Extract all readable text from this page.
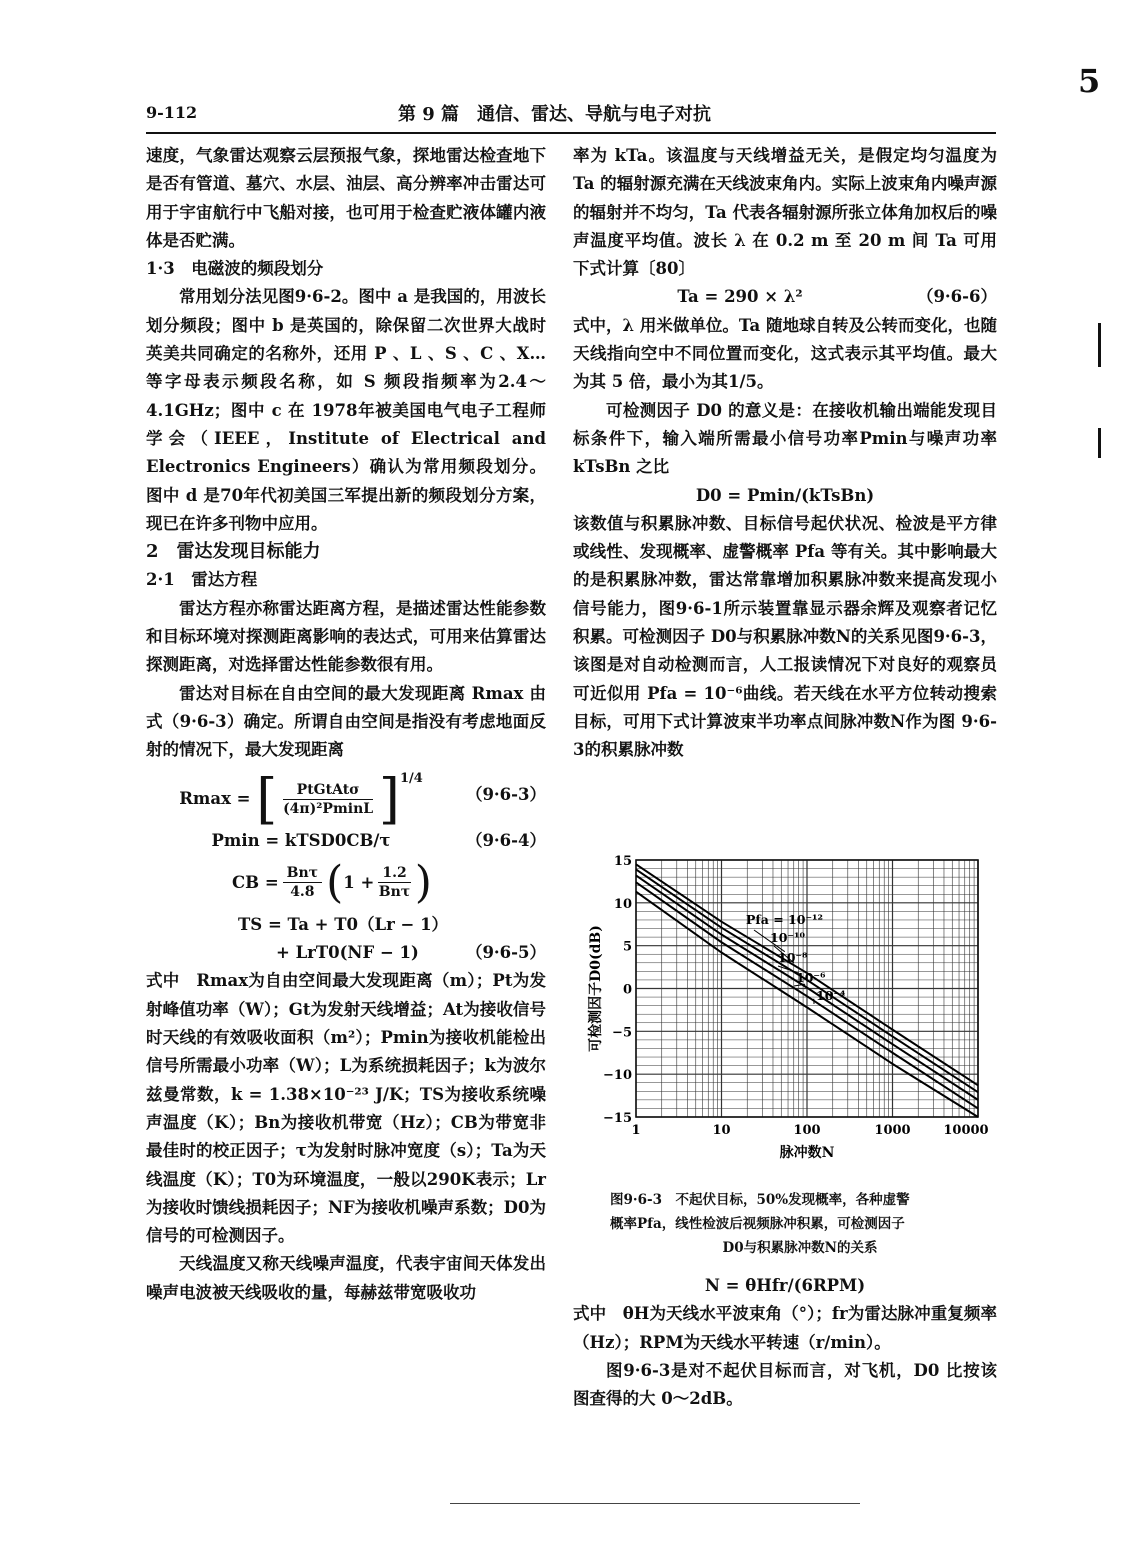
5
9-112	第 9 篇　通信、雷达、导航与电子对抗

速度，气象雷达观察云层预报气象，探地雷达检查地下是否有管道、墓穴、水层、油层、高分辨率冲击雷达可用于宇宙航行中飞船对接，也可用于检查贮液体罐内液体是否贮满。

1·3　电磁波的频段划分

常用划分法见图9·6-2。图中 a 是我国的，用波长划分频段；图中 b 是英国的，除保留二次世界大战时英美共同确定的名称外，还用 P 、L 、S 、C 、X…等字母表示频段名称，如 S 频段指频率为2.4～4.1GHz；图中 c 在 1978年被美国电气电子工程师学会（IEEE，Institute of Electrical and Electronics Engineers）确认为常用频段划分。图中 d 是70年代初美国三军提出新的频段划分方案，现已在许多刊物中应用。

2　雷达发现目标能力

2·1　雷达方程

雷达方程亦称雷达距离方程，是描述雷达性能参数和目标环境对探测距离影响的表达式，可用来估算雷达探测距离，对选择雷达性能参数很有用。

雷达对目标在自由空间的最大发现距离 Rmax 由式（9·6-3）确定。所谓自由空间是指没有考虑地面反射的情况下，最大发现距离

Rmax = [ $\frac{\text{PtGtAtσ}}{\text{(4π)²PminL}} ]^{1/4}$
（9·6-3）
Pmin = kTSD0CB/τ	（9·6-4）
CB = $\frac{\text{Bnτ}}{4.8}$ ( $1 + \frac{1.2}{\text{Bnτ}}$ )
TS = Ta + T0（Lr − 1）
+ LrT0(NF − 1)	（9·6-5）

式中　Rmax为自由空间最大发现距离（m）；Pt为发射峰值功率（W）；Gt为发射天线增益；At为接收信号时天线的有效吸收面积（m²）；Pmin为接收机能检出信号所需最小功率（W）；L为系统损耗因子；k为波尔兹曼常数，k = 1.38×10⁻²³ J/K；TS为接收系统噪声温度（K）；Bn为接收机带宽（Hz）；CB为带宽非最佳时的校正因子；τ为发射时脉冲宽度（s）；Ta为天线温度（K）；T0为环境温度，一般以290K表示；Lr为接收时馈线损耗因子；NF为接收机噪声系数；D0为信号的可检测因子。

天线温度又称天线噪声温度，代表宇宙间天体发出噪声电波被天线吸收的量，每赫兹带宽吸收功

率为 kTa。该温度与天线增益无关，是假定均匀温度为 Ta 的辐射源充满在天线波束角内。实际上波束角内噪声源的辐射并不均匀，Ta 代表各辐射源所张立体角加权后的噪声温度平均值。波长 λ 在 0.2 m 至 20 m 间 Ta 可用下式计算〔80〕

Ta = 290 × λ²	（9·6-6）

式中，λ 用米做单位。Ta 随地球自转及公转而变化，也随天线指向空中不同位置而变化，这式表示其平均值。最大为其 5 倍，最小为其1/5。

可检测因子 D0 的意义是：在接收机输出端能发现目标条件下，输入端所需最小信号功率Pmin与噪声功率 kTsBn 之比

D0 = Pmin/(kTsBn)

该数值与积累脉冲数、目标信号起伏状况、检波是平方律或线性、发现概率、虚警概率 Pfa 等有关。其中影响最大的是积累脉冲数，雷达常靠增加积累脉冲数来提高发现小信号能力，图9·6-1所示装置靠显示器余辉及观察者记忆积累。可检测因子 D0与积累脉冲数N的关系见图9·6-3，该图是对自动检测而言，人工报读情况下对良好的观察员可近似用 Pfa = 10⁻⁶曲线。若天线在水平方位转动搜索目标，可用下式计算波束半功率点间脉冲数N作为图 9·6-3的积累脉冲数

1	10	100	1000	10000
15
10
5
0
−5
−10
−15
脉冲数N
可检测因子D0(dB)
Pfa = 10⁻¹²
10⁻¹⁰
10⁻⁸
10⁻⁶
10⁻⁴
图9·6-3　不起伏目标，50%发现概率，各种虚警
概率Pfa，线性检波后视频脉冲积累，可检测因子
D0与积累脉冲数N的关系
N = θHfr/(6RPM)

式中　θH为天线水平波束角（°）；fr为雷达脉冲重复频率（Hz）；RPM为天线水平转速（r/min）。

图9·6-3是对不起伏目标而言，对飞机，D0 比按该图查得的大 0～2dB。
